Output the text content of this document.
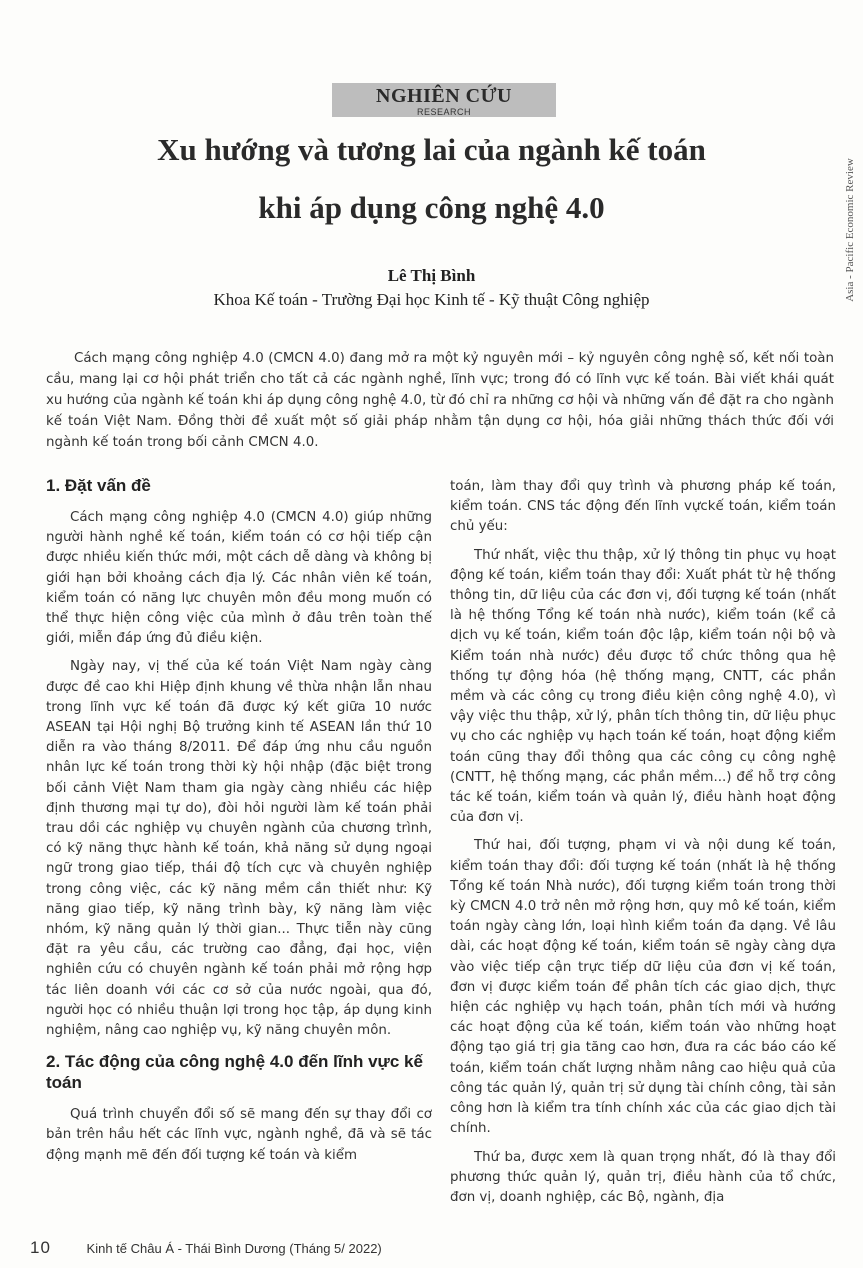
NGHIÊN CỨU
RESEARCH
Asia - Pacific Economic Review
Xu hướng và tương lai của ngành kế toán
khi áp dụng công nghệ 4.0
Lê Thị Bình
Khoa Kế toán - Trường Đại học Kinh tế - Kỹ thuật Công nghiệp

Cách mạng công nghiệp 4.0 (CMCN 4.0) đang mở ra một kỷ nguyên mới – kỷ nguyên công nghệ số, kết nối toàn cầu, mang lại cơ hội phát triển cho tất cả các ngành nghề, lĩnh vực; trong đó có lĩnh vực kế toán. Bài viết khái quát xu hướng của ngành kế toán khi áp dụng công nghệ 4.0, từ đó chỉ ra những cơ hội và những vấn đề đặt ra cho ngành kế toán Việt Nam. Đồng thời đề xuất một số giải pháp nhằm tận dụng cơ hội, hóa giải những thách thức đối với ngành kế toán trong bối cảnh CMCN 4.0.

1. Đặt vấn đề

Cách mạng công nghiệp 4.0 (CMCN 4.0) giúp những người hành nghề kế toán, kiểm toán có cơ hội tiếp cận được nhiều kiến thức mới, một cách dễ dàng và không bị giới hạn bởi khoảng cách địa lý. Các nhân viên kế toán, kiểm toán có năng lực chuyên môn đều mong muốn có thể thực hiện công việc của mình ở đâu trên toàn thế giới, miễn đáp ứng đủ điều kiện.

Ngày nay, vị thế của kế toán Việt Nam ngày càng được đề cao khi Hiệp định khung về thừa nhận lẫn nhau trong lĩnh vực kế toán đã được ký kết giữa 10 nước ASEAN tại Hội nghị Bộ trưởng kinh tế ASEAN lần thứ 10 diễn ra vào tháng 8/2011. Để đáp ứng nhu cầu nguồn nhân lực kế toán trong thời kỳ hội nhập (đặc biệt trong bối cảnh Việt Nam tham gia ngày càng nhiều các hiệp định thương mại tự do), đòi hỏi người làm kế toán phải trau dồi các nghiệp vụ chuyên ngành của chương trình, có kỹ năng thực hành kế toán, khả năng sử dụng ngoại ngữ trong giao tiếp, thái độ tích cực và chuyên nghiệp trong công việc, các kỹ năng mềm cần thiết như: Kỹ năng giao tiếp, kỹ năng trình bày, kỹ năng làm việc nhóm, kỹ năng quản lý thời gian... Thực tiễn này cũng đặt ra yêu cầu, các trường cao đẳng, đại học, viện nghiên cứu có chuyên ngành kế toán phải mở rộng hợp tác liên doanh với các cơ sở của nước ngoài, qua đó, người học có nhiều thuận lợi trong học tập, áp dụng kinh nghiệm, nâng cao nghiệp vụ, kỹ năng chuyên môn.

2. Tác động của công nghệ 4.0 đến lĩnh vực kế toán

Quá trình chuyển đổi số sẽ mang đến sự thay đổi cơ bản trên hầu hết các lĩnh vực, ngành nghề, đã và sẽ tác động mạnh mẽ đến đối tượng kế toán và kiểm

toán, làm thay đổi quy trình và phương pháp kế toán, kiểm toán. CNS tác động đến lĩnh vựckế toán, kiểm toán chủ yếu:

Thứ nhất, việc thu thập, xử lý thông tin phục vụ hoạt động kế toán, kiểm toán thay đổi: Xuất phát từ hệ thống thông tin, dữ liệu của các đơn vị, đối tượng kế toán (nhất là hệ thống Tổng kế toán nhà nước), kiểm toán (kể cả dịch vụ kế toán, kiểm toán độc lập, kiểm toán nội bộ và Kiểm toán nhà nước) đều được tổ chức thông qua hệ thống tự động hóa (hệ thống mạng, CNTT, các phần mềm và các công cụ trong điều kiện công nghệ 4.0), vì vậy việc thu thập, xử lý, phân tích thông tin, dữ liệu phục vụ cho các nghiệp vụ hạch toán kế toán, hoạt động kiểm toán cũng thay đổi thông qua các công cụ công nghệ (CNTT, hệ thống mạng, các phần mềm...) để hỗ trợ công tác kế toán, kiểm toán và quản lý, điều hành hoạt động của đơn vị.

Thứ hai, đối tượng, phạm vi và nội dung kế toán, kiểm toán thay đổi: đối tượng kế toán (nhất là hệ thống Tổng kế toán Nhà nước), đối tượng kiểm toán trong thời kỳ CMCN 4.0 trở nên mở rộng hơn, quy mô kế toán, kiểm toán ngày càng lớn, loại hình kiểm toán đa dạng. Về lâu dài, các hoạt động kế toán, kiểm toán sẽ ngày càng dựa vào việc tiếp cận trực tiếp dữ liệu của đơn vị kế toán, đơn vị được kiểm toán để phân tích các giao dịch, thực hiện các nghiệp vụ hạch toán, phân tích mới và hướng các hoạt động của kế toán, kiểm toán vào những hoạt động tạo giá trị gia tăng cao hơn, đưa ra các báo cáo kế toán, kiểm toán chất lượng nhằm nâng cao hiệu quả của công tác quản lý, quản trị sử dụng tài chính công, tài sản công hơn là kiểm tra tính chính xác của các giao dịch tài chính.

Thứ ba, được xem là quan trọng nhất, đó là thay đổi phương thức quản lý, quản trị, điều hành của tổ chức, đơn vị, doanh nghiệp, các Bộ, ngành, địa

10	Kinh tế Châu Á - Thái Bình Dương (Tháng 5/ 2022)
